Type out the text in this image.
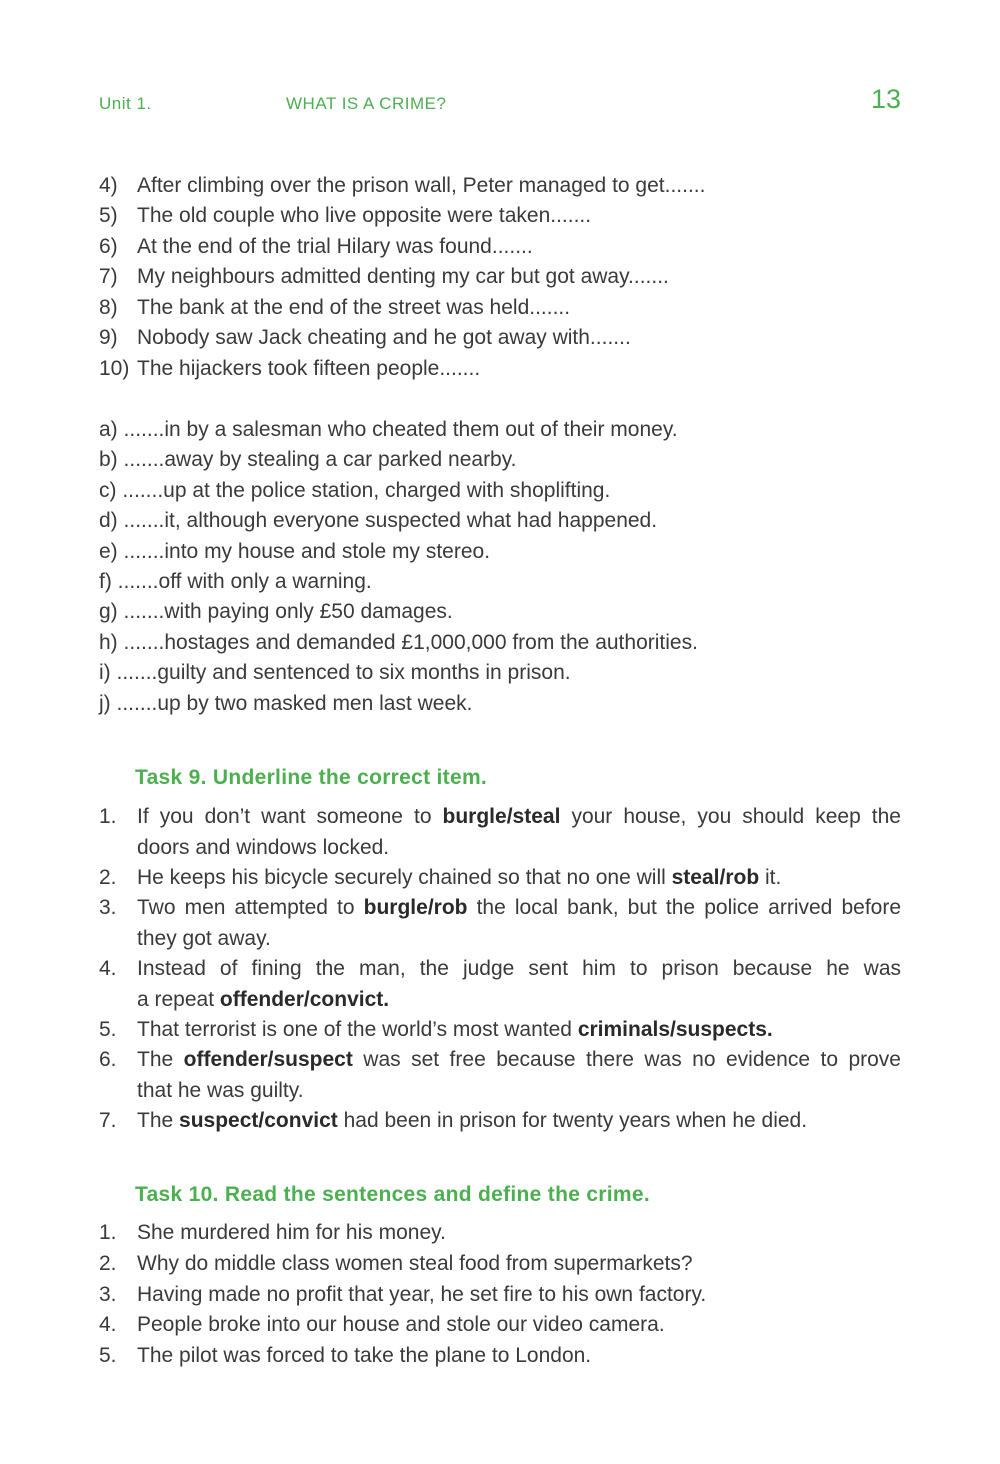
Unit 1.	WHAT IS A CRIME?	13
4) After climbing over the prison wall, Peter managed to get.......
5) The old couple who live opposite were taken.......
6) At the end of the trial Hilary was found.......
7) My neighbours admitted denting my car but got away.......
8) The bank at the end of the street was held.......
9) Nobody saw Jack cheating and he got away with.......
10) The hijackers took fifteen people.......
a) .......in by a salesman who cheated them out of their money.
b) .......away by stealing a car parked nearby.
c) .......up at the police station, charged with shoplifting.
d) .......it, although everyone suspected what had happened.
e) .......into my house and stole my stereo.
f) .......off with only a warning.
g) .......with paying only £50 damages.
h) .......hostages and demanded £1,000,000 from the authorities.
i) .......guilty and sentenced to six months in prison.
j) .......up by two masked men last week.
Task 9. Underline the correct item.
1. If you don’t want someone to burgle/steal your house, you should keep the
doors and windows locked.
2. He keeps his bicycle securely chained so that no one will steal/rob it.
3. Two men attempted to burgle/rob the local bank, but the police arrived before
they got away.
4. Instead of fining the man, the judge sent him to prison because he was
a repeat offender/convict.
5. That terrorist is one of the world’s most wanted criminals/suspects.
6. The offender/suspect was set free because there was no evidence to prove
that he was guilty.
7. The suspect/convict had been in prison for twenty years when he died.
Task 10. Read the sentences and define the crime.
1. She murdered him for his money.
2. Why do middle class women steal food from supermarkets?
3. Having made no profit that year, he set fire to his own factory.
4. People broke into our house and stole our video camera.
5. The pilot was forced to take the plane to London.
